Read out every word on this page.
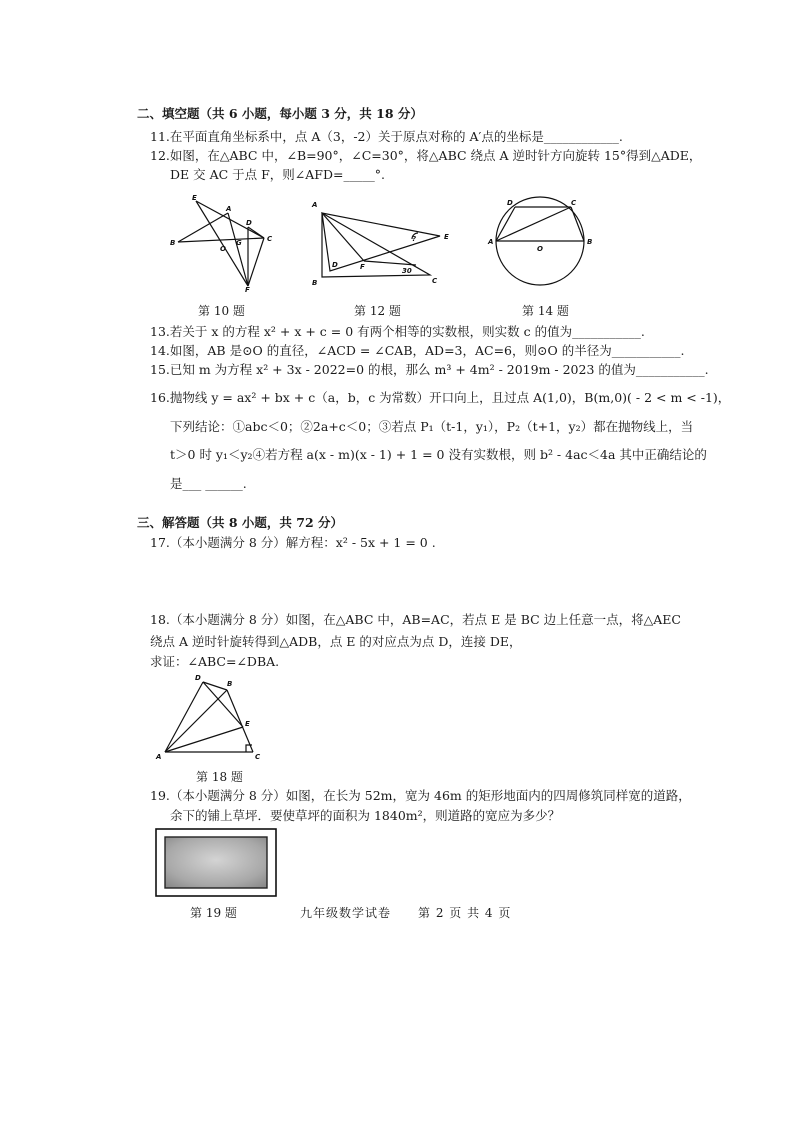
二、填空题（共 6 小题，每小题 3 分，共 18 分）
11.在平面直角坐标系中，点 A（3，-2）关于原点对称的 A′点的坐标是____________.
12.如图，在△ABC 中，∠B=90°，∠C=30°，将△ABC 绕点 A 逆时针方向旋转 15°得到△ADE，
DE 交 AC 于点 F，则∠AFD=_____°.
E
A
D
B
O
G	C
F
第 10 题
A
E
D	F
B	C
?
30
第 12 题
D	C
A
O
B
第 14 题
13.若关于 x 的方程 x² + x + c = 0 有两个相等的实数根，则实数 c 的值为___________.
14.如图，AB 是⊙O 的直径，∠ACD = ∠CAB，AD=3，AC=6，则⊙O 的半径为___________.
15.已知 m 为方程 x² + 3x - 2022=0 的根，那么 m³ + 4m² - 2019m - 2023 的值为___________.
16.抛物线 y = ax² + bx + c（a，b，c 为常数）开口向上，且过点 A(1,0)，B(m,0)( - 2 < m < -1)，
下列结论：①abc＜0；②2a+c＜0；③若点 P₁（t-1，y₁），P₂（t+1，y₂）都在抛物线上，当
t＞0 时 y₁＜y₂④若方程 a(x - m)(x - 1) + 1 = 0 没有实数根，则 b² - 4ac＜4a 其中正确结论的
是___ ______.
三、解答题（共 8 小题，共 72 分）
17.（本小题满分 8 分）解方程：x² - 5x + 1 = 0 .
18.（本小题满分 8 分）如图，在△ABC 中，AB=AC，若点 E 是 BC 边上任意一点，将△AEC
绕点 A 逆时针旋转得到△ADB，点 E 的对应点为点 D，连接 DE，
求证：∠ABC=∠DBA.
D
B
E
A	C
第 18 题
19.（本小题满分 8 分）如图，在长为 52m，宽为 46m 的矩形地面内的四周修筑同样宽的道路，
余下的铺上草坪．要使草坪的面积为 1840m²，则道路的宽应为多少？
第 19 题	九年级数学试卷 第 2 页 共 4 页
